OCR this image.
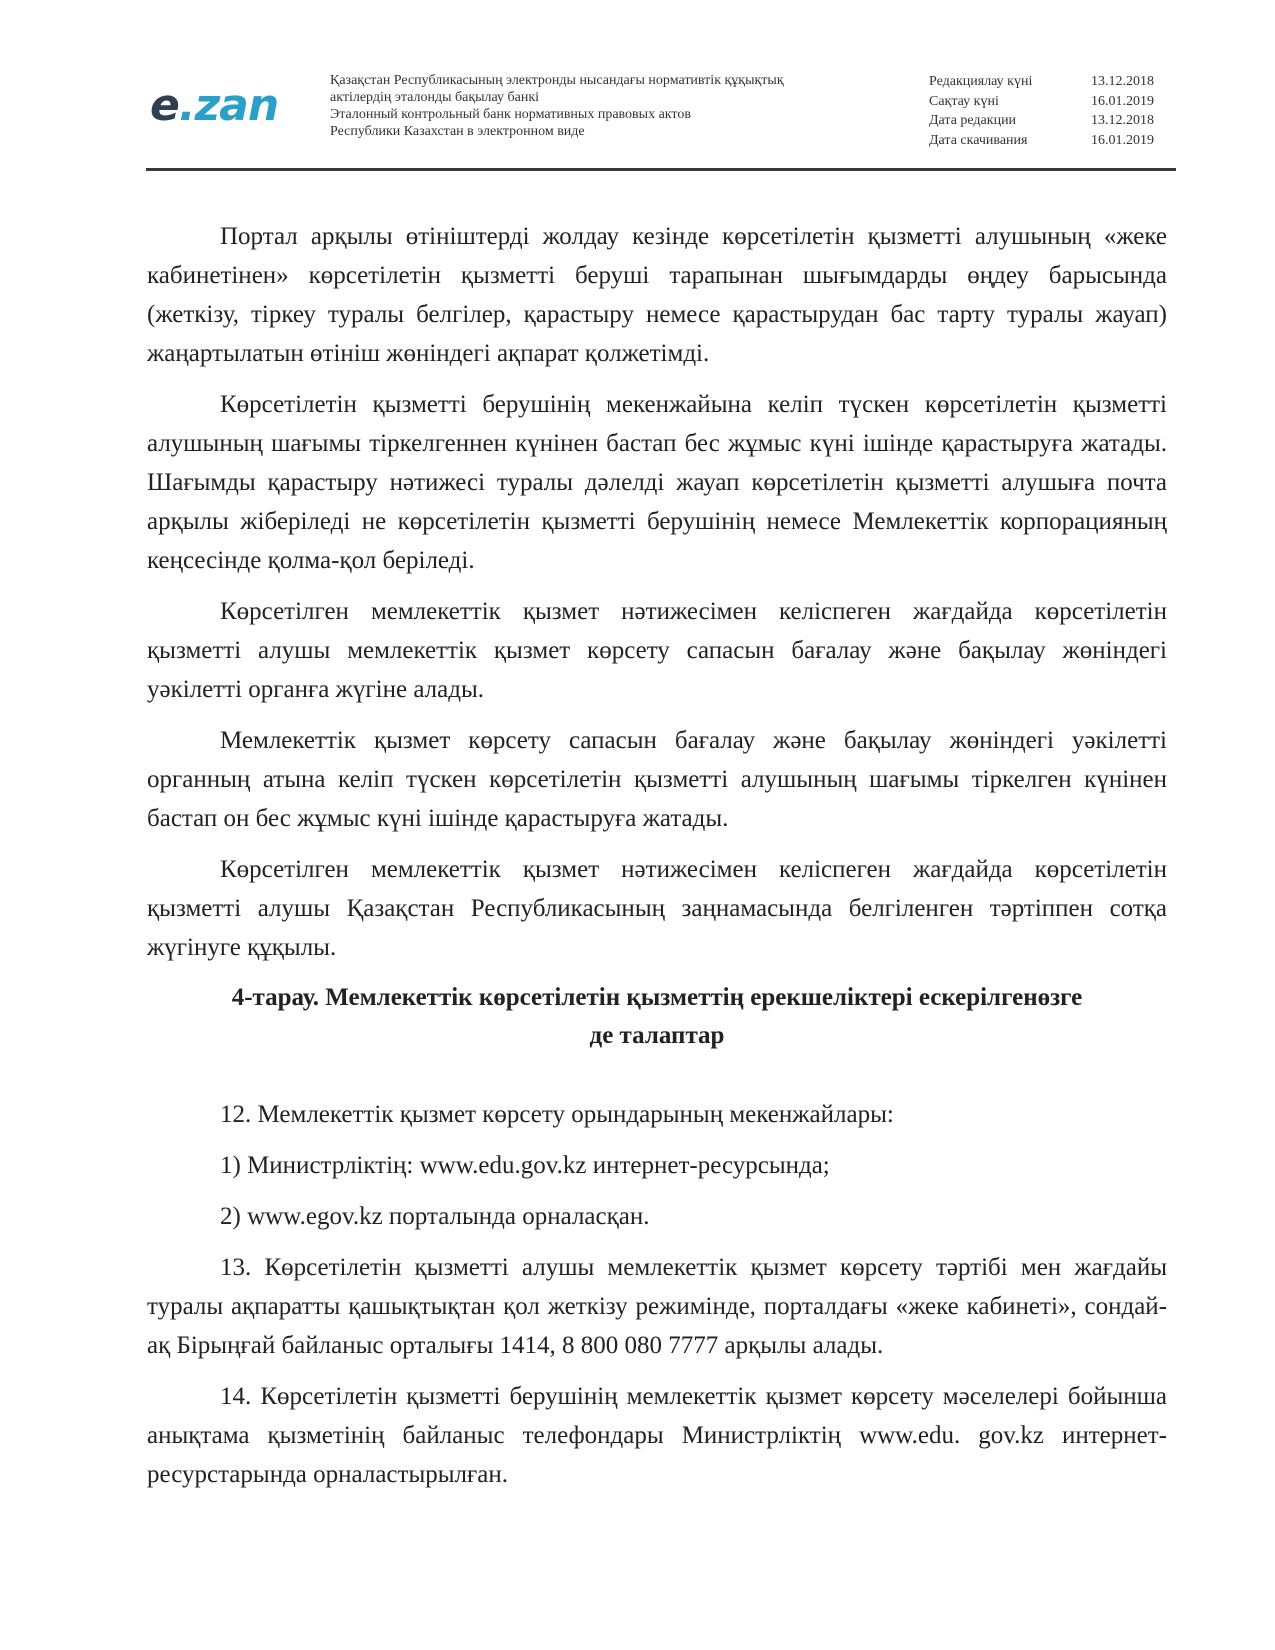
e.zan	Қазақстан Республикасының электронды нысандағы нормативтік құқықтық
актілердің эталонды бақылау банкі
Эталонный контрольный банк нормативных правовых актов
Республики Казахстан в электронном виде
Редакциялау күні	13.12.2018
Сақтау күні	16.01.2019
Дата редакции	13.12.2018
Дата скачивания	16.01.2019

Портал арқылы өтініштерді жолдау кезінде көрсетілетін қызметті алушының «жеке кабинетінен» көрсетілетін қызметті беруші тарапынан шығымдарды өңдеу барысында (жеткізу, тіркеу туралы белгілер, қарастыру немесе қарастырудан бас тарту туралы жауап) жаңартылатын өтініш жөніндегі ақпарат қолжетімді.

Көрсетілетін қызметті берушінің мекенжайына келіп түскен көрсетілетін қызметті алушының шағымы тіркелгеннен күнінен бастап бес жұмыс күні ішінде қарастыруға жатады. Шағымды қарастыру нәтижесі туралы дәлелді жауап көрсетілетін қызметті алушыға почта арқылы жіберіледі не көрсетілетін қызметті берушінің немесе Мемлекеттік корпорацияның кеңсесінде қолма-қол беріледі.

Көрсетілген мемлекеттік қызмет нәтижесімен келіспеген жағдайда көрсетілетін қызметті алушы мемлекеттік қызмет көрсету сапасын бағалау және бақылау жөніндегі уәкілетті органға жүгіне алады.

Мемлекеттік қызмет көрсету сапасын бағалау және бақылау жөніндегі уәкілетті органның атына келіп түскен көрсетілетін қызметті алушының шағымы тіркелген күнінен бастап он бес жұмыс күні ішінде қарастыруға жатады.

Көрсетілген мемлекеттік қызмет нәтижесімен келіспеген жағдайда көрсетілетін қызметті алушы Қазақстан Республикасының заңнамасында белгіленген тәртіппен сотқа жүгінуге құқылы.

4-тарау. Мемлекеттік көрсетілетін қызметтің ерекшеліктері ескерілгенөзге
де талаптар

12. Мемлекеттік қызмет көрсету орындарының мекенжайлары:

1) Министрліктің: www.edu.gov.kz интернет-ресурсында;

2) www.egov.kz порталында орналасқан.

13. Көрсетілетін қызметті алушы мемлекеттік қызмет көрсету тәртібі мен жағдайы туралы ақпаратты қашықтықтан қол жеткізу режимінде, порталдағы «жеке кабинеті», сондай-ақ Бірыңғай байланыс орталығы 1414, 8 800 080 7777 арқылы алады.

14. Көрсетілетін қызметті берушінің мемлекеттік қызмет көрсету мәселелері бойынша анықтама қызметінің байланыс телефондары Министрліктің www.edu. gov.kz интернет-ресурстарында орналастырылған.
